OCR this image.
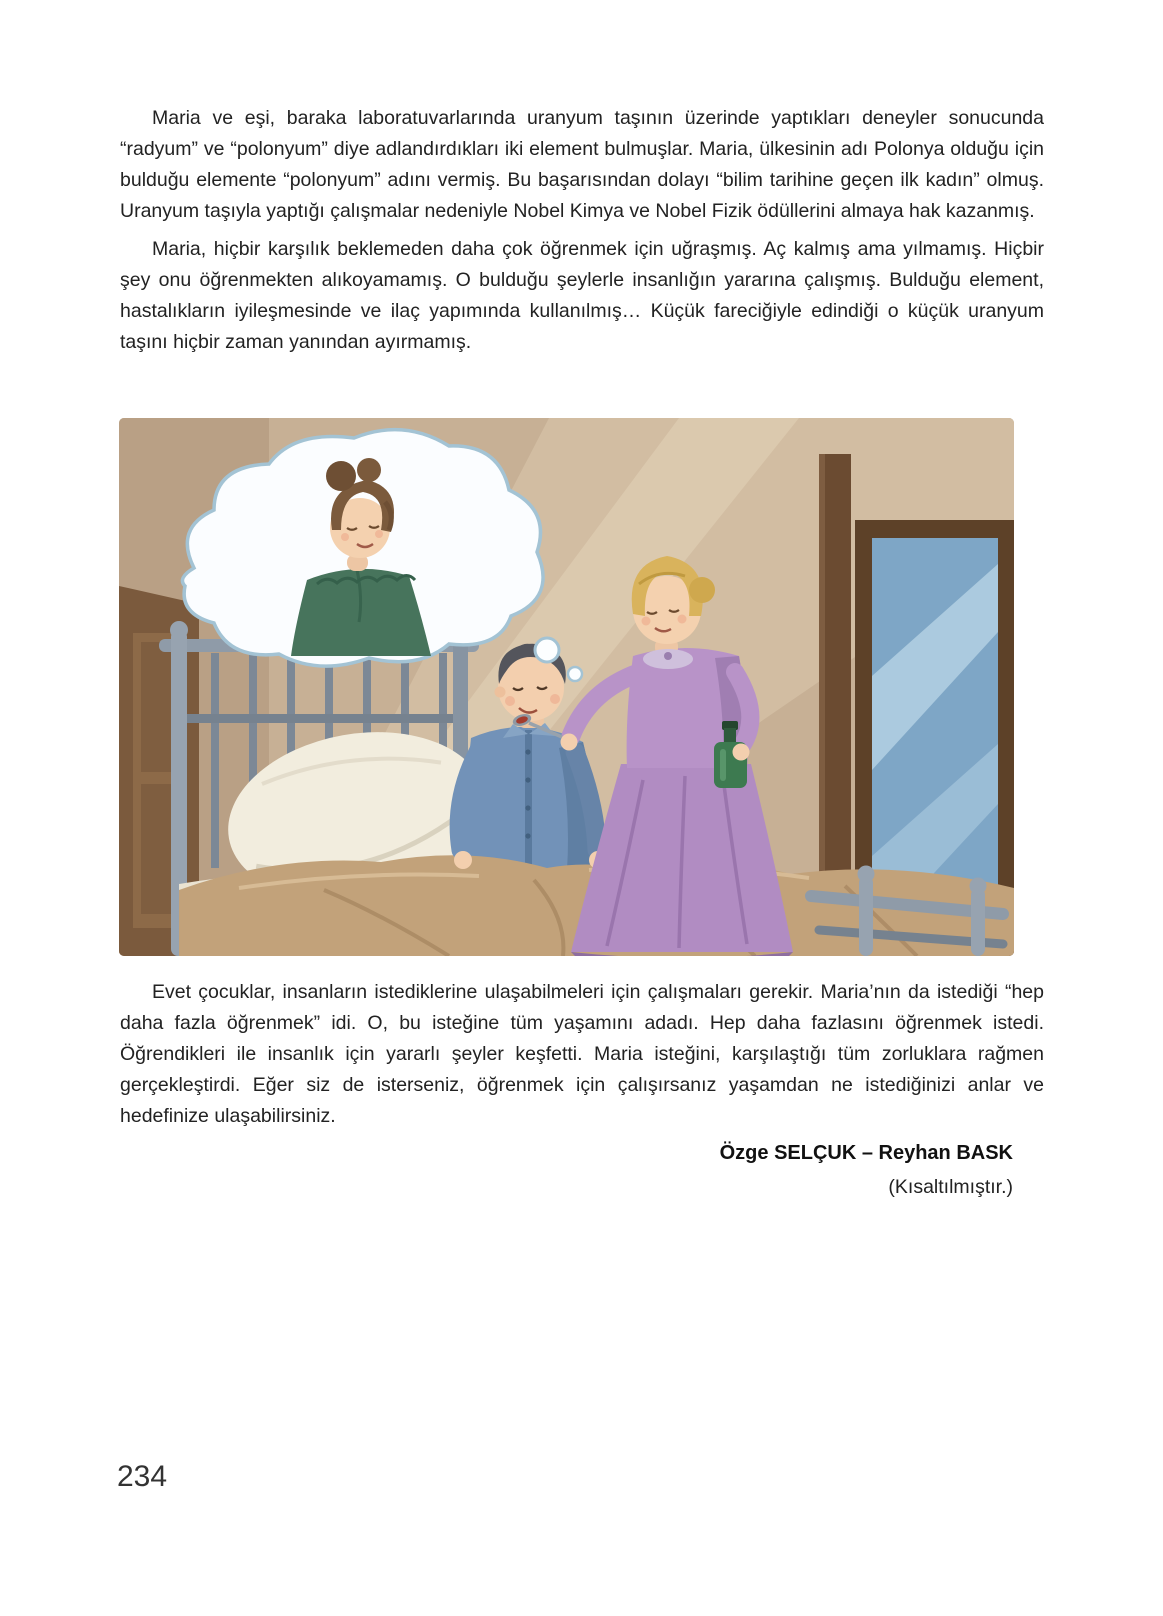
Maria ve eşi, baraka laboratuvarlarında uranyum taşının üzerinde yaptıkları deneyler sonucunda “radyum” ve “polonyum” diye adlandırdıkları iki element bulmuşlar. Maria, ülkesinin adı Polonya olduğu için bulduğu elemente “polonyum” adını vermiş. Bu başarısından dolayı “bilim tarihine geçen ilk kadın” olmuş. Uranyum taşıyla yaptığı çalışmalar nedeniyle Nobel Kimya ve Nobel Fizik ödüllerini almaya hak kazanmış.

Maria, hiçbir karşılık beklemeden daha çok öğrenmek için uğraşmış. Aç kalmış ama yılmamış. Hiçbir şey onu öğrenmekten alıkoyamamış. O bulduğu şeylerle insanlığın yararına çalışmış. Bulduğu element, hastalıkların iyileşmesinde ve ilaç yapımında kullanılmış… Küçük fareciğiyle edindiği o küçük uranyum taşını hiçbir zaman yanından ayırmamış.

Evet çocuklar, insanların istediklerine ulaşabilmeleri için çalışmaları gerekir. Maria’nın da istediği “hep daha fazla öğrenmek” idi. O, bu isteğine tüm yaşamını adadı. Hep daha fazlasını öğrenmek istedi. Öğrendikleri ile insanlık için yararlı şeyler keşfetti. Maria isteğini, karşılaştığı tüm zorluklara rağmen gerçekleştirdi. Eğer siz de isterseniz, öğrenmek için çalışırsanız yaşamdan ne istediğinizi anlar ve hedefinize ulaşabilirsiniz.

Özge SELÇUK – Reyhan BASK
(Kısaltılmıştır.)
234
